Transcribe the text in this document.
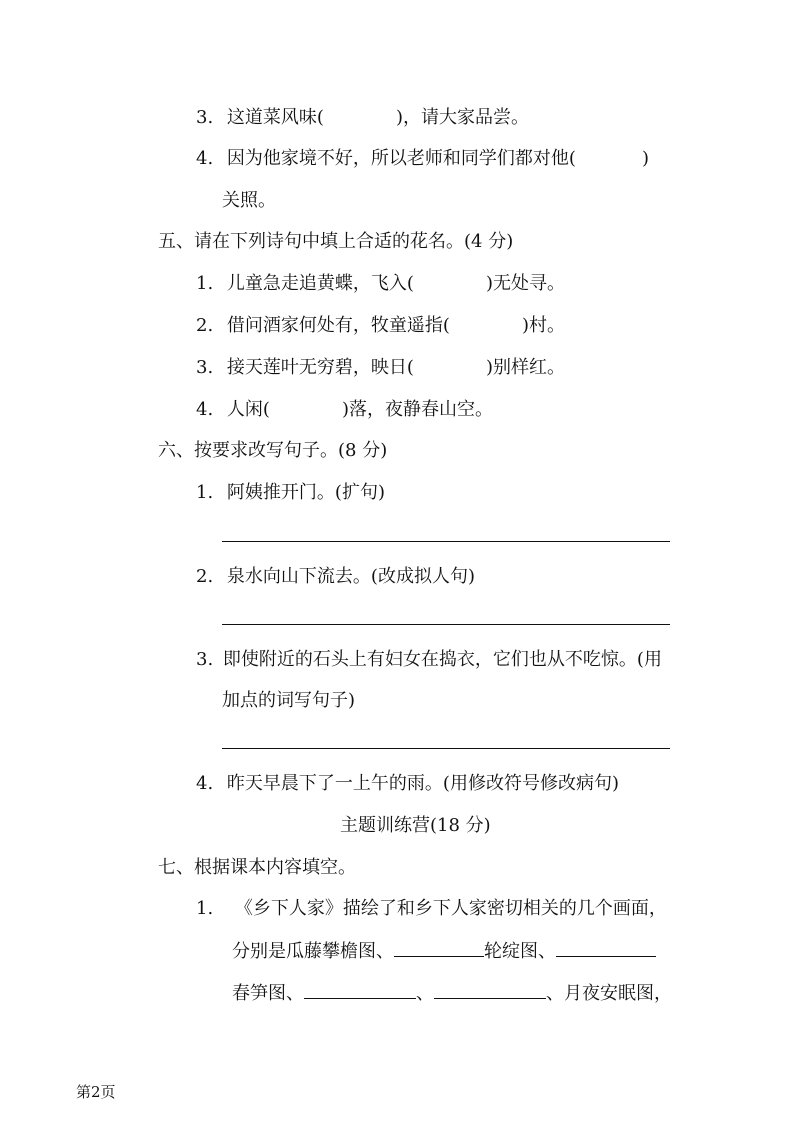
3. 这道菜风味(	)，请大家品尝。
4. 因为他家境不好，所以老师和同学们都对他(	)
关照。
五、请在下列诗句中填上合适的花名。(4 分)
1. 儿童急走追黄蝶，飞入(	)无处寻。
2. 借问酒家何处有，牧童遥指(	)村。
3. 接天莲叶无穷碧，映日(	)别样红。
4. 人闲(	)落，夜静春山空。
六、按要求改写句子。(8 分)
1. 阿姨推开门。(扩句)
2. 泉水向山下流去。(改成拟人句)
3. 即使附近的石头上有妇女在捣衣，它们也从不吃惊。(用
加点的词写句子)
4. 昨天早晨下了一上午的雨。(用修改符号修改病句)
主题训练营(18 分)
七、根据课本内容填空。
1. 《乡下人家》描绘了和乡下人家密切相关的几个画面，
分别是瓜藤攀檐图、	轮绽图、
春笋图、	、	、月夜安眠图，
第2页
